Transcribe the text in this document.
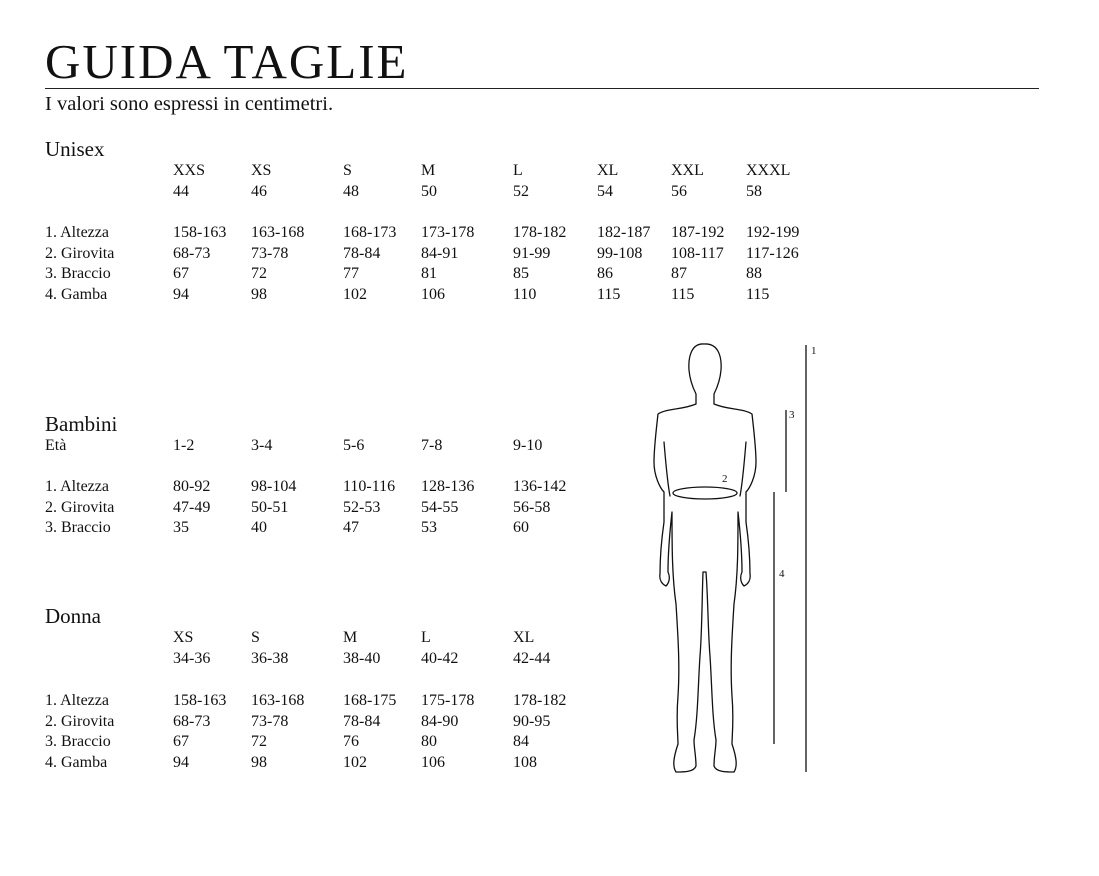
GUIDA TAGLIE
I valori sono espressi in centimetri.
Unisex
XXS	XS	S	M	L	XL	XXL	XXXL
44	46	48	50	52	54	56	58
1. Altezza	158-163 163-168 168-173 173-178 178-182 182-187 187-192 192-199
2. Girovita	68-73	73-78	78-84	84-91	91-99	99-108 108-117 117-126
3. Braccio	67	72	77	81	85	86	87	88
4. Gamba	94	98	102	106	110	115	115	115
Bambini
Età	1-2	3-4	5-6	7-8	9-10
1. Altezza	80-92	98-104	110-116 128-136 136-142
2. Girovita	47-49	50-51	52-53	54-55	56-58
3. Braccio	35	40	47	53	60
Donna
XS	S	M	L	XL
34-36	36-38	38-40	40-42	42-44
1. Altezza	158-163 163-168 168-175 175-178 178-182
2. Girovita	68-73	73-78	78-84	84-90	90-95
3. Braccio	67	72	76	80	84
4. Gamba	94	98	102	106	108
1
3
2
4
